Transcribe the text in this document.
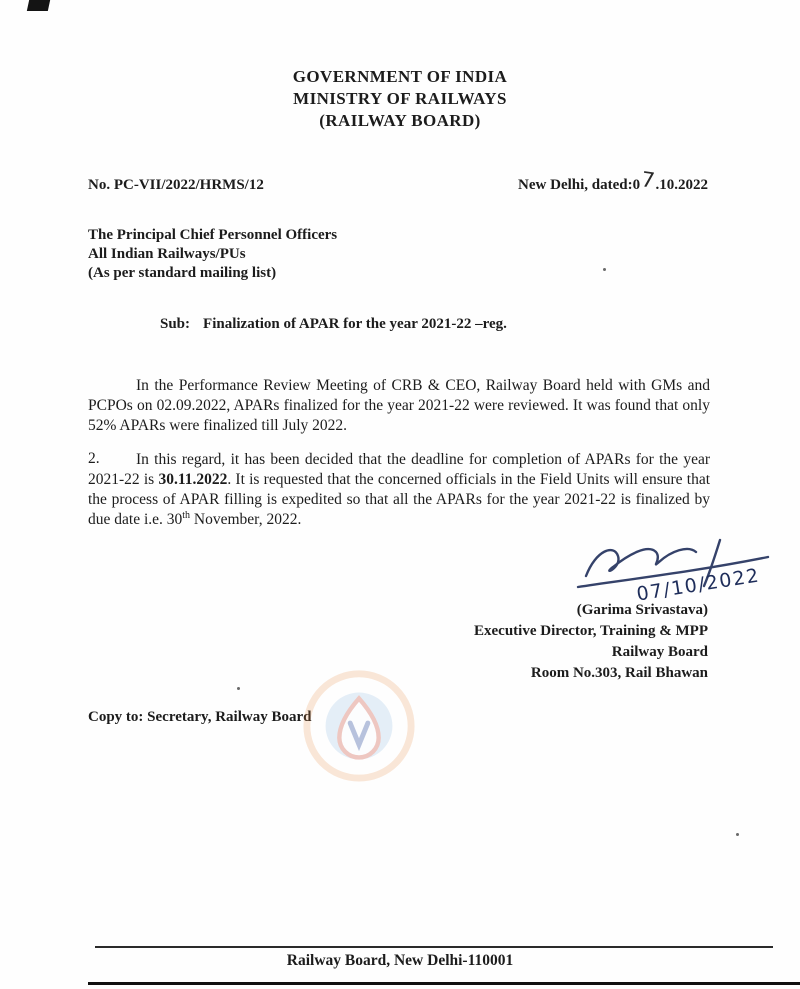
GOVERNMENT OF INDIA
MINISTRY OF RAILWAYS
(RAILWAY BOARD)
No. PC-VII/2022/HRMS/12	New Delhi, dated:07.10.2022
The Principal Chief Personnel Officers
All Indian Railways/PUs
(As per standard mailing list)
Sub: Finalization of APAR for the year 2021-22 –reg.

In the Performance Review Meeting of CRB & CEO, Railway Board held with GMs and PCPOs on 02.09.2022, APARs finalized for the year 2021-22 were reviewed. It was found that only 52% APARs were finalized till July 2022.

2.	In this regard, it has been decided that the deadline for completion of APARs for the year 2021-22 is 30.11.2022. It is requested that the concerned officials in the Field Units will ensure that the process of APAR filling is expedited so that all the APARs for the year 2021-22 is finalized by due date i.e. 30th November, 2022.

07/10/2022
(Garima Srivastava)
Executive Director, Training & MPP
Railway Board
Room No.303, Rail Bhawan
Copy to: Secretary, Railway Board
Railway Board, New Delhi-110001
